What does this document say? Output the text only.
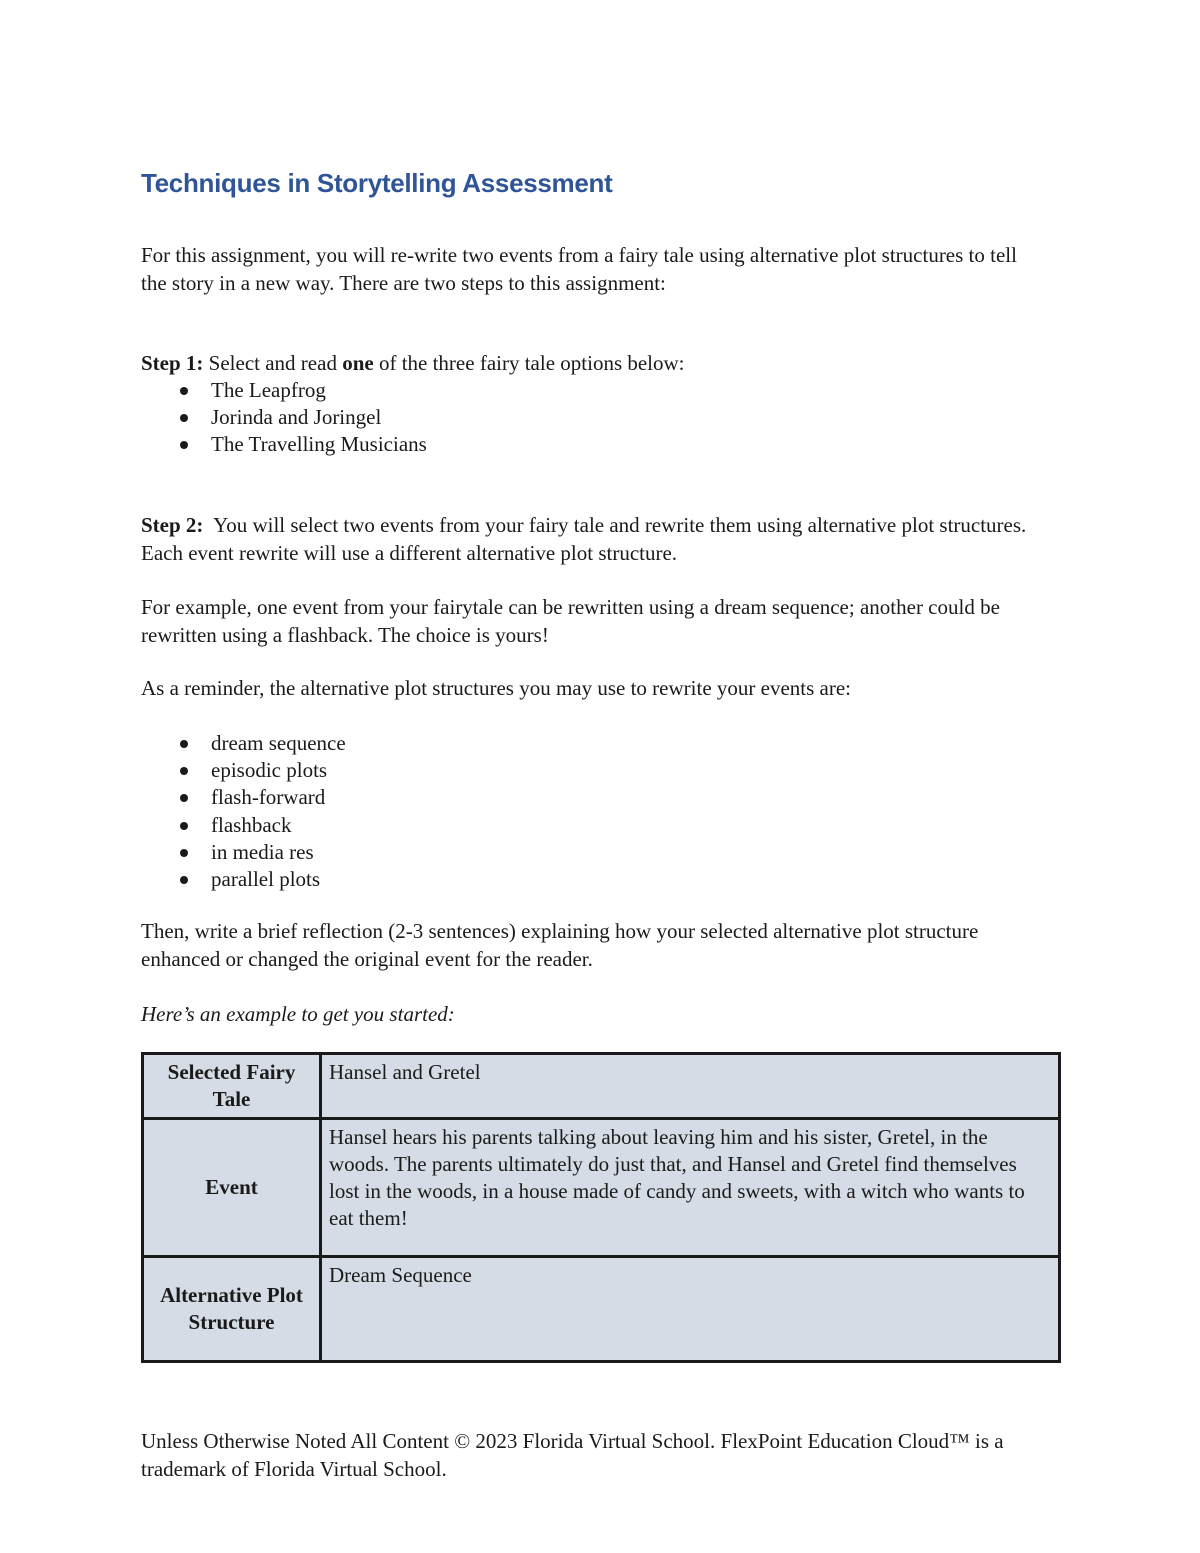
Techniques in Storytelling Assessment

For this assignment, you will re-write two events from a fairy tale using alternative plot structures to tell the story in a new way. There are two steps to this assignment:

Step 1: Select and read one of the three fairy tale options below:

The Leapfrog
Jorinda and Joringel
The Travelling Musicians

Step 2:  You will select two events from your fairy tale and rewrite them using alternative plot structures. Each event rewrite will use a different alternative plot structure.

For example, one event from your fairytale can be rewritten using a dream sequence; another could be rewritten using a flashback. The choice is yours!

As a reminder, the alternative plot structures you may use to rewrite your events are:

dream sequence
episodic plots
flash-forward
flashback
in media res
parallel plots

Then, write a brief reflection (2-3 sentences) explaining how your selected alternative plot structure enhanced or changed the original event for the reader.

Here’s an example to get you started:

Selected Fairy Tale	Hansel and Gretel
Event	Hansel hears his parents talking about leaving him and his sister, Gretel, in the woods. The parents ultimately do just that, and Hansel and Gretel find themselves lost in the woods, in a house made of candy and sweets, with a witch who wants to eat them!
Alternative Plot Structure	Dream Sequence

Unless Otherwise Noted All Content © 2023 Florida Virtual School. FlexPoint Education Cloud™ is a trademark of Florida Virtual School.
